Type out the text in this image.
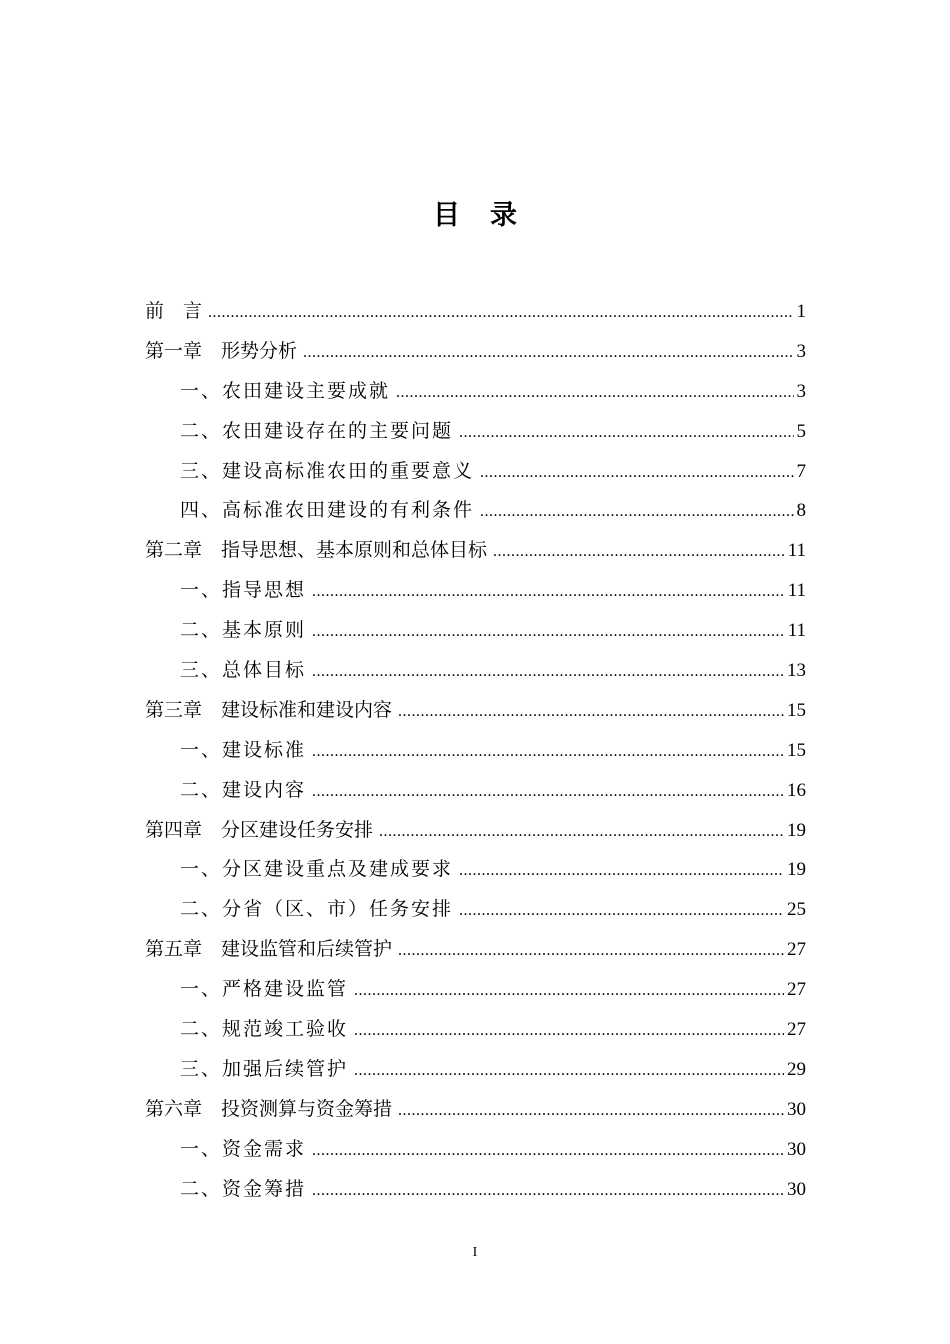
目录
前　言 .....	1
第一章　形势分析 .....	3
一、农田建设主要成就 .....	3
二、农田建设存在的主要问题 .....	5
三、建设高标准农田的重要意义 .....	7
四、高标准农田建设的有利条件 .....	8
第二章　指导思想、基本原则和总体目标 .....	11
一、指导思想 .....	11
二、基本原则 .....	11
三、总体目标 .....	13
第三章　建设标准和建设内容 .....	15
一、建设标准 .....	15
二、建设内容 .....	16
第四章　分区建设任务安排 .....	19
一、分区建设重点及建成要求 .....	19
二、分省（区、市）任务安排 .....	25
第五章　建设监管和后续管护 .....	27
一、严格建设监管 .....	27
二、规范竣工验收 .....	27
三、加强后续管护 .....	29
第六章　投资测算与资金筹措 .....	30
一、资金需求 .....	30
二、资金筹措 .....	30
I
